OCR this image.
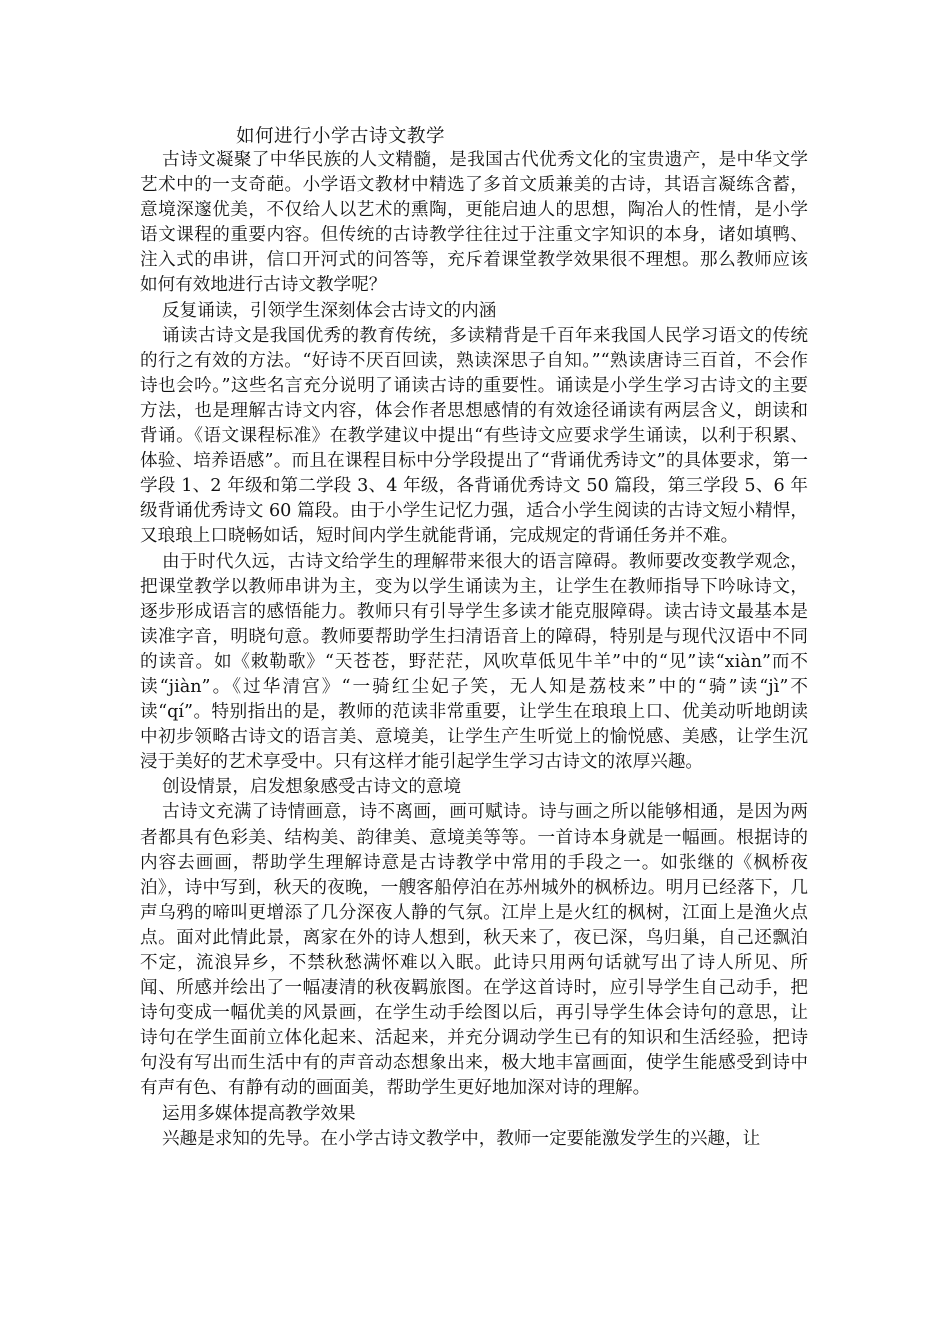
如何进行小学古诗文教学

古诗文凝聚了中华民族的人文精髓，是我国古代优秀文化的宝贵遗产，是中华文学艺术中的一支奇葩。小学语文教材中精选了多首文质兼美的古诗，其语言凝练含蓄，意境深邃优美，不仅给人以艺术的熏陶，更能启迪人的思想，陶冶人的性情，是小学语文课程的重要内容。但传统的古诗教学往往过于注重文字知识的本身，诸如填鸭、注入式的串讲，信口开河式的问答等，充斥着课堂教学效果很不理想。那么教师应该如何有效地进行古诗文教学呢？

反复诵读，引领学生深刻体会古诗文的内涵

诵读古诗文是我国优秀的教育传统，多读精背是千百年来我国人民学习语文的传统的行之有效的方法。“好诗不厌百回读，熟读深思子自知。”“熟读唐诗三百首，不会作诗也会吟。”这些名言充分说明了诵读古诗的重要性。诵读是小学生学习古诗文的主要方法，也是理解古诗文内容，体会作者思想感情的有效途径诵读有两层含义，朗读和背诵。《语文课程标准》在教学建议中提出“有些诗文应要求学生诵读，以利于积累、体验、培养语感”。而且在课程目标中分学段提出了“背诵优秀诗文”的具体要求，第一学段 1、2 年级和第二学段 3、4 年级，各背诵优秀诗文 50 篇段，第三学段 5、6 年级背诵优秀诗文 60 篇段。由于小学生记忆力强，适合小学生阅读的古诗文短小精悍，又琅琅上口晓畅如话，短时间内学生就能背诵，完成规定的背诵任务并不难。

由于时代久远，古诗文给学生的理解带来很大的语言障碍。教师要改变教学观念，把课堂教学以教师串讲为主，变为以学生诵读为主，让学生在教师指导下吟咏诗文，逐步形成语言的感悟能力。教师只有引导学生多读才能克服障碍。读古诗文最基本是读准字音，明晓句意。教师要帮助学生扫清语音上的障碍，特别是与现代汉语中不同的读音。如《敕勒歌》“天苍苍，野茫茫，风吹草低见牛羊”中的“见”读“xiàn”而不读“jiàn”。《过华清宫》“一骑红尘妃子笑，无人知是荔枝来”中的“骑”读“jì”不读“qí”。特别指出的是，教师的范读非常重要，让学生在琅琅上口、优美动听地朗读中初步领略古诗文的语言美、意境美，让学生产生听觉上的愉悦感、美感，让学生沉浸于美好的艺术享受中。只有这样才能引起学生学习古诗文的浓厚兴趣。

创设情景，启发想象感受古诗文的意境

古诗文充满了诗情画意，诗不离画，画可赋诗。诗与画之所以能够相通，是因为两者都具有色彩美、结构美、韵律美、意境美等等。一首诗本身就是一幅画。根据诗的内容去画画，帮助学生理解诗意是古诗教学中常用的手段之一。如张继的《枫桥夜泊》，诗中写到，秋天的夜晚，一艘客船停泊在苏州城外的枫桥边。明月已经落下，几声乌鸦的啼叫更增添了几分深夜人静的气氛。江岸上是火红的枫树，江面上是渔火点点。面对此情此景，离家在外的诗人想到，秋天来了，夜已深，鸟归巢，自己还飘泊不定，流浪异乡，不禁秋愁满怀难以入眠。此诗只用两句话就写出了诗人所见、所闻、所感并绘出了一幅凄清的秋夜羁旅图。在学这首诗时，应引导学生自己动手，把诗句变成一幅优美的风景画，在学生动手绘图以后，再引导学生体会诗句的意思，让诗句在学生面前立体化起来、活起来，并充分调动学生已有的知识和生活经验，把诗句没有写出而生活中有的声音动态想象出来，极大地丰富画面，使学生能感受到诗中有声有色、有静有动的画面美，帮助学生更好地加深对诗的理解。

运用多媒体提高教学效果

兴趣是求知的先导。在小学古诗文教学中，教师一定要能激发学生的兴趣，让
